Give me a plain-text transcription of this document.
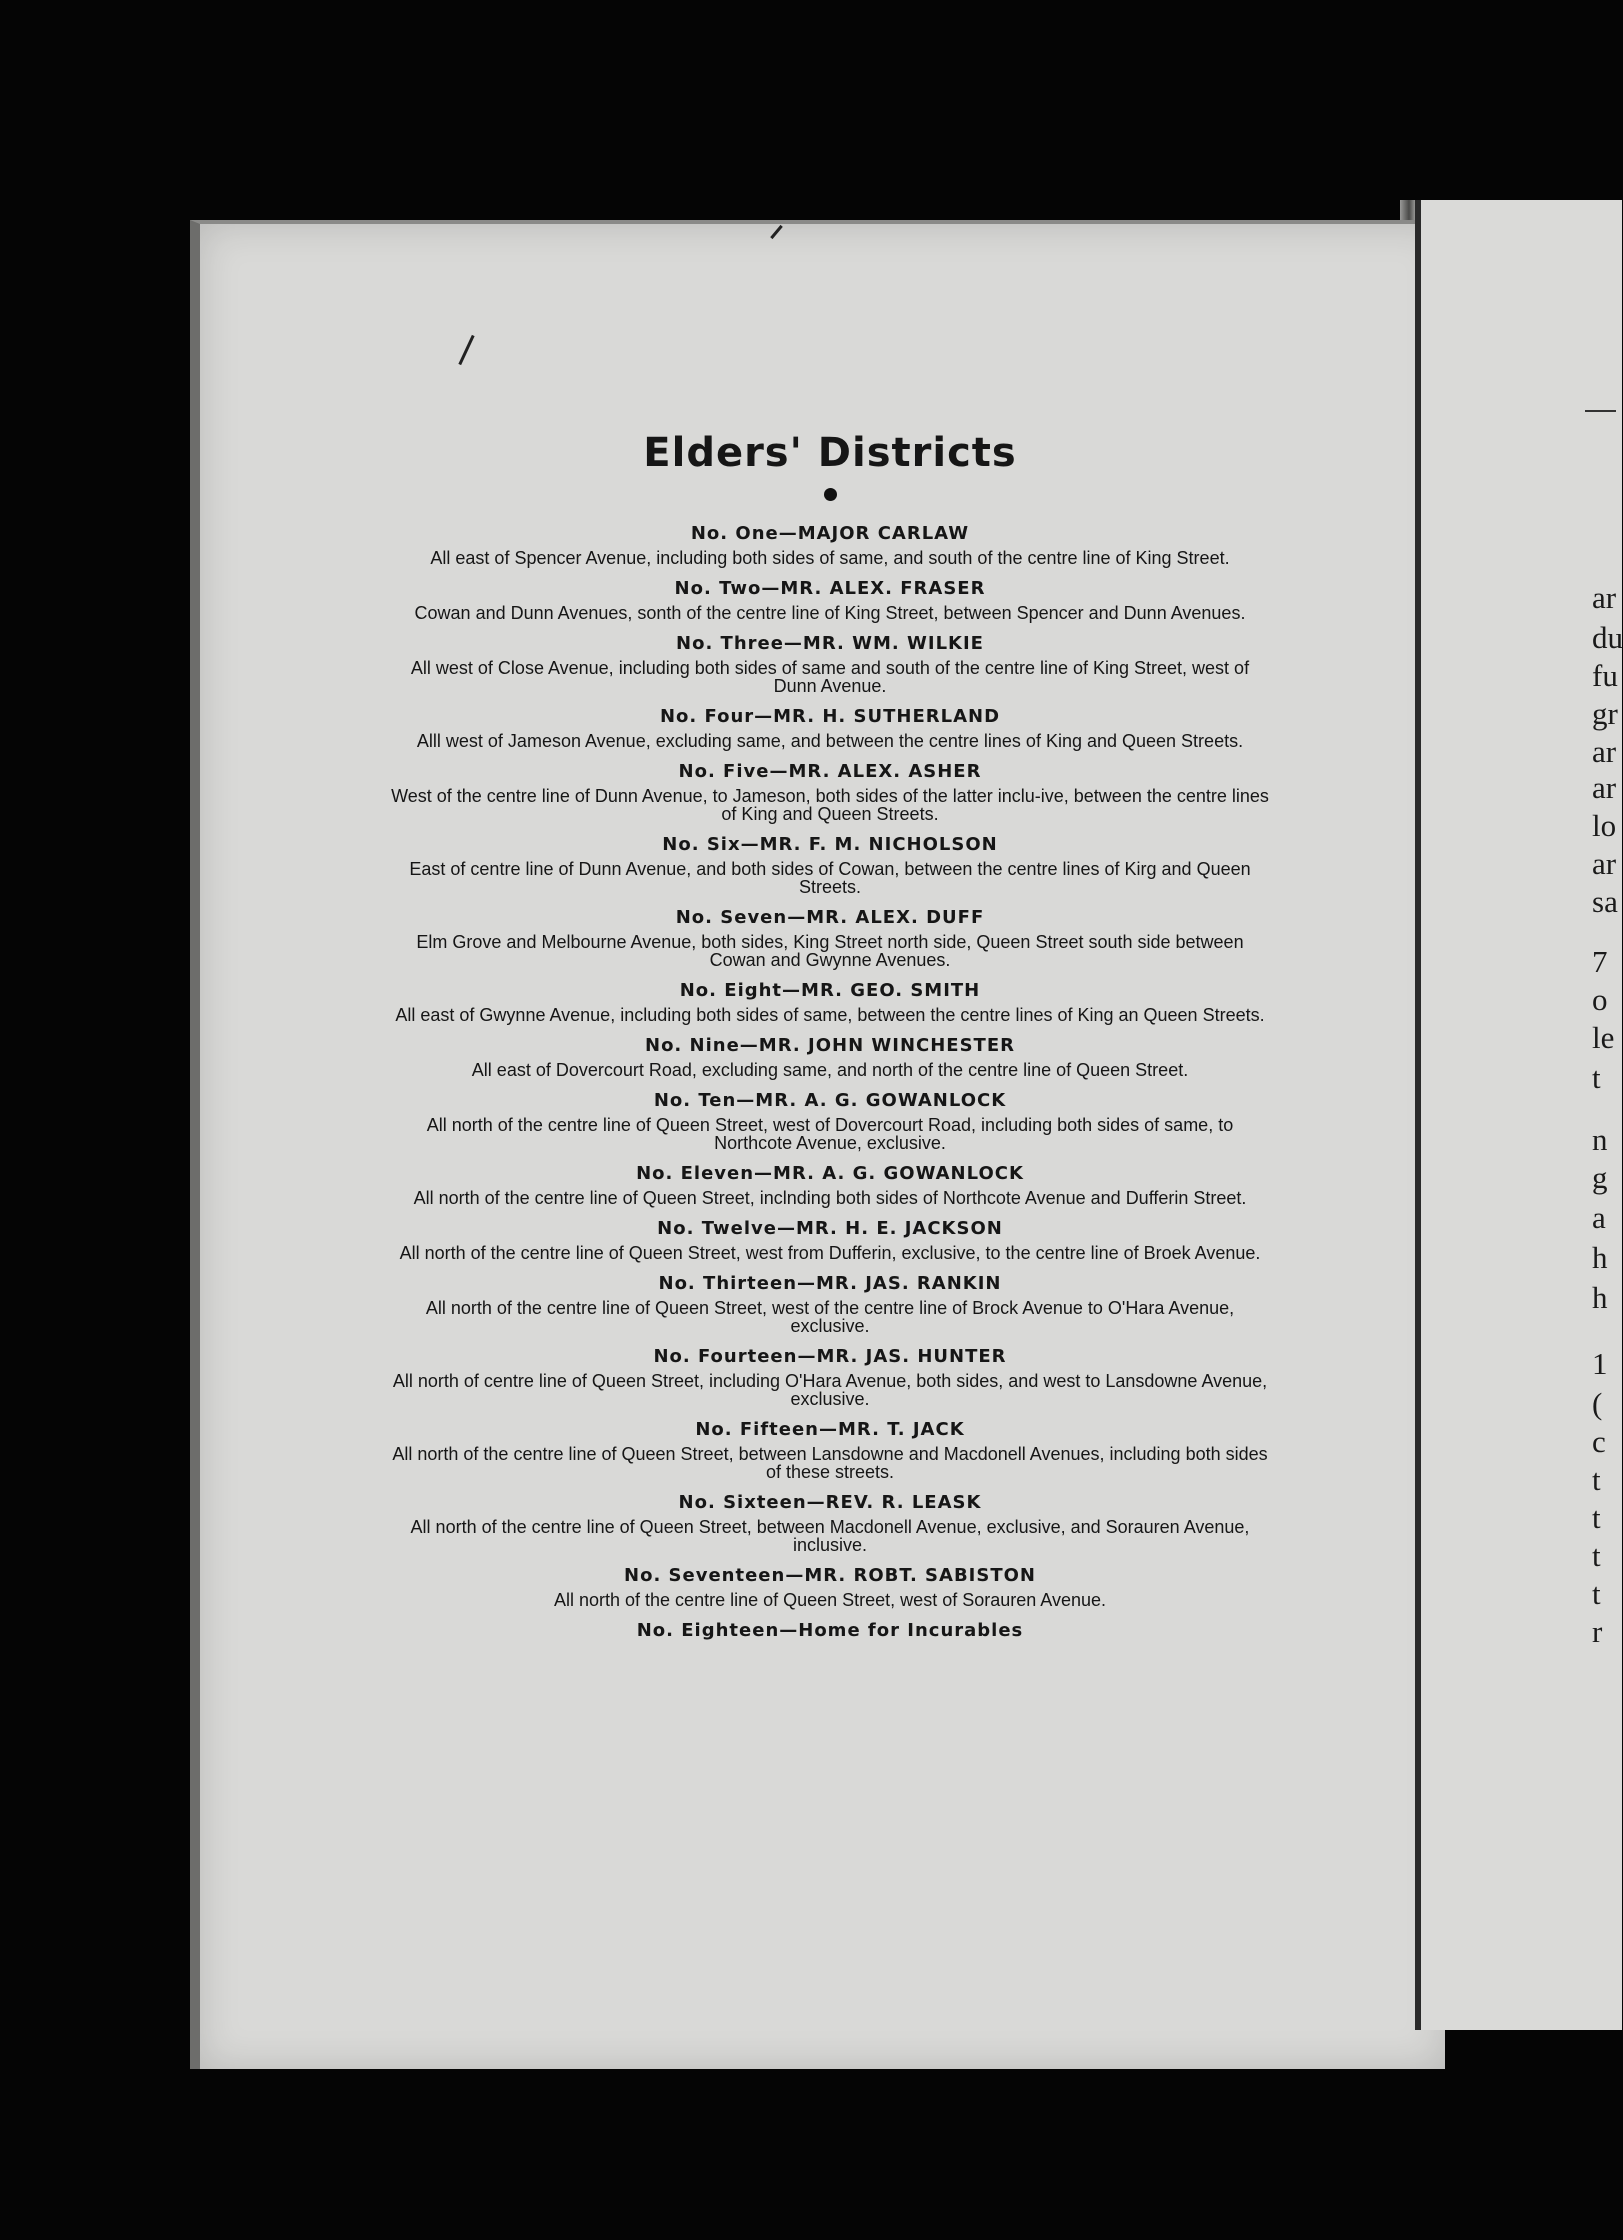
Elders' Districts
No. One—MAJOR CARLAW

All east of Spencer Avenue, including both sides of same, and south of the centre line of King Street.

No. Two—MR. ALEX. FRASER

Cowan and Dunn Avenues, sonth of the centre line of King Street, between Spencer and Dunn Avenues.

No. Three—MR. WM. WILKIE

All west of Close Avenue, including both sides of same and south of the centre line of King Street, west of Dunn Avenue.

No. Four—MR. H. SUTHERLAND

Alll west of Jameson Avenue, excluding same, and between the centre lines of King and Queen Streets.

No. Five—MR. ALEX. ASHER

West of the centre line of Dunn Avenue, to Jameson, both sides of the latter inclu-ive, between the centre lines of King and Queen Streets.

No. Six—MR. F. M. NICHOLSON

East of centre line of Dunn Avenue, and both sides of Cowan, between the centre lines of Kirg and Queen Streets.

No. Seven—MR. ALEX. DUFF

Elm Grove and Melbourne Avenue, both sides, King Street north side, Queen Street south side between Cowan and Gwynne Avenues.

No. Eight—MR. GEO. SMITH

All east of Gwynne Avenue, including both sides of same, between the centre lines of King an Queen Streets.

No. Nine—MR. JOHN WINCHESTER

All east of Dovercourt Road, excluding same, and north of the centre line of Queen Street.

No. Ten—MR. A. G. GOWANLOCK

All north of the centre line of Queen Street, west of Dovercourt Road, including both sides of same, to Northcote Avenue, exclusive.

No. Eleven—MR. A. G. GOWANLOCK

All north of the centre line of Queen Street, inclnding both sides of Northcote Avenue and Dufferin Street.

No. Twelve—MR. H. E. JACKSON

All north of the centre line of Queen Street, west from Dufferin, exclusive, to the centre line of Broek Avenue.

No. Thirteen—MR. JAS. RANKIN

All north of the centre line of Queen Street, west of the centre line of Brock Avenue to O'Hara Avenue, exclusive.

No. Fourteen—MR. JAS. HUNTER

All north of centre line of Queen Street, including O'Hara Avenue, both sides, and west to Lansdowne Avenue, exclusive.

No. Fifteen—MR. T. JACK

All north of the centre line of Queen Street, between Lansdowne and Macdonell Avenues, including both sides of these streets.

No. Sixteen—REV. R. LEASK

All north of the centre line of Queen Street, between Macdonell Avenue, exclusive, and Sorauren Avenue, inclusive.

No. Seventeen—MR. ROBT. SABISTON

All north of the centre line of Queen Street, west of Sorauren Avenue.

No. Eighteen—Home for Incurables
ar
du
fu
gr
ar
ar
lo
ar
sa
7
o
le
t
n
g
a
h
h
1
(
c
t
t
t
t
r
